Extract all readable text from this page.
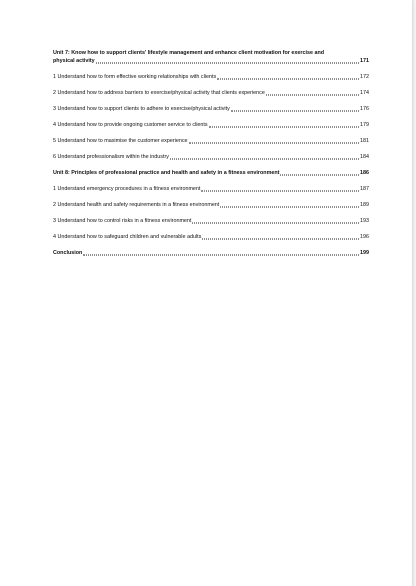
Unit 7: Know how to support clients’ lifestyle management and enhance client motivation for exercise and
physical activity	171
1 Understand how to form effective working relationships with clients	172
2 Understand how to address barriers to exercise/physical activity that clients experience	174
3 Understand how to support clients to adhere to exercise/physical activity	176
4 Understand how to provide ongoing customer service to clients	179
5 Understand how to maximise the customer experience	181
6 Understand professionalism within the industry	184
Unit 8: Principles of professional practice and health and safety in a fitness environment	186
1 Understand emergency procedures in a fitness environment	187
2 Understand health and safety requirements in a fitness environment	189
3 Understand how to control risks in a fitness environment	193
4 Understand how to safeguard children and vulnerable adults	196
Conclusion	199
